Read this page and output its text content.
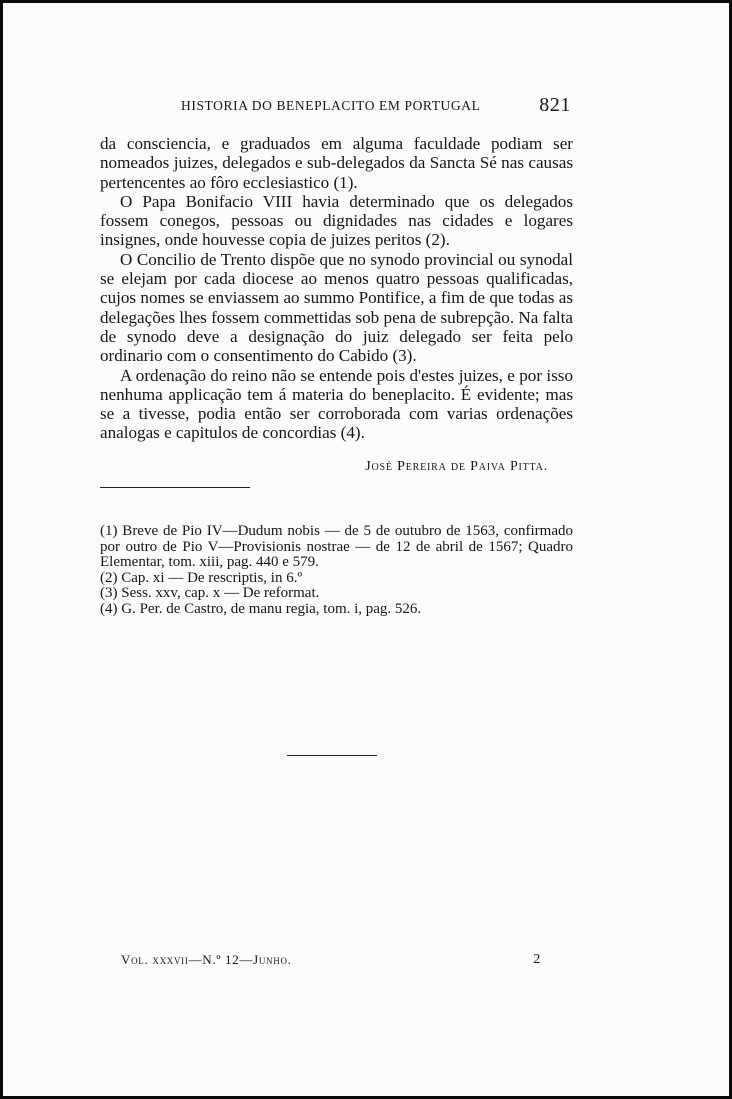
HISTORIA DO BENEPLACITO EM PORTUGAL	821

da consciencia, e graduados em alguma faculdade podiam ser nomeados juizes, delegados e sub-delegados da Sancta Sé nas causas pertencentes ao fôro ecclesiastico (1).

O Papa Bonifacio VIII havia determinado que os delegados fossem conegos, pessoas ou dignidades nas cidades e logares insignes, onde houvesse copia de juizes peritos (2).

O Concilio de Trento dispõe que no synodo provincial ou synodal se elejam por cada diocese ao menos quatro pessoas qualificadas, cujos nomes se enviassem ao summo Pontifice, a fim de que todas as delegações lhes fossem commettidas sob pena de subrepção. Na falta de synodo deve a designação do juiz delegado ser feita pelo ordinario com o consentimento do Cabido (3).

A ordenação do reino não se entende pois d'estes juizes, e por isso nenhuma applicação tem á materia do beneplacito. É evidente; mas se a tivesse, podia então ser corroborada com varias ordenações analogas e capitulos de concordias (4).

José Pereira de Paiva Pitta.

(1) Breve de Pio IV—Dudum nobis — de 5 de outubro de 1563, confirmado por outro de Pio V—Provisionis nostrae — de 12 de abril de 1567; Quadro Elementar, tom. xiii, pag. 440 e 579.

(2) Cap. xi — De rescriptis, in 6.º

(3) Sess. xxv, cap. x — De reformat.

(4) G. Per. de Castro, de manu regia, tom. i, pag. 526.

Vol. xxxvii—N.º 12—Junho.	2
